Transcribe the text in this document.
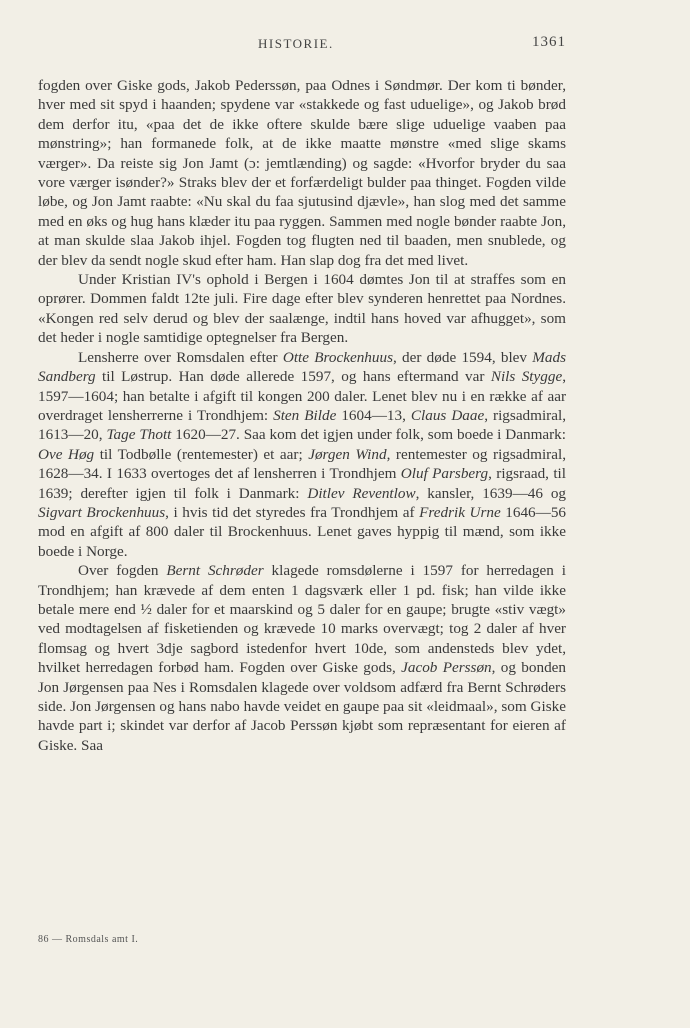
HISTORIE.	1361

fogden over Giske gods, Jakob Pederssøn, paa Odnes i Søndmør. Der kom ti bønder, hver med sit spyd i haanden; spydene var «stakkede og fast uduelige», og Jakob brød dem derfor itu, «paa det de ikke oftere skulde bære slige uduelige vaaben paa mønstring»; han formanede folk, at de ikke maatte mønstre «med slige skams værger». Da reiste sig Jon Jamt (ɔ: jemtlænding) og sagde: «Hvorfor bryder du saa vore værger isønder?» Straks blev der et forfærdeligt bulder paa thinget. Fogden vilde løbe, og Jon Jamt raabte: «Nu skal du faa sjutusind djævle», han slog med det samme med en øks og hug hans klæder itu paa ryggen. Sammen med nogle bønder raabte Jon, at man skulde slaa Jakob ihjel. Fogden tog flugten ned til baaden, men snublede, og der blev da sendt nogle skud efter ham. Han slap dog fra det med livet.

Under Kristian IV's ophold i Bergen i 1604 dømtes Jon til at straffes som en oprører. Dommen faldt 12te juli. Fire dage efter blev synderen henrettet paa Nordnes. «Kongen red selv derud og blev der saalænge, indtil hans hoved var afhugget», som det heder i nogle samtidige optegnelser fra Bergen.

Lensherre over Romsdalen efter Otte Brockenhuus, der døde 1594, blev Mads Sandberg til Løstrup. Han døde allerede 1597, og hans eftermand var Nils Stygge, 1597—1604; han betalte i afgift til kongen 200 daler. Lenet blev nu i en række af aar overdraget lensherrerne i Trondhjem: Sten Bilde 1604—13, Claus Daae, rigsadmiral, 1613—20, Tage Thott 1620—27. Saa kom det igjen under folk, som boede i Danmark: Ove Høg til Todbølle (rentemester) et aar; Jørgen Wind, rentemester og rigsadmiral, 1628—34. I 1633 overtoges det af lensherren i Trondhjem Oluf Parsberg, rigsraad, til 1639; derefter igjen til folk i Danmark: Ditlev Reventlow, kansler, 1639—46 og Sigvart Brockenhuus, i hvis tid det styredes fra Trondhjem af Fredrik Urne 1646—56 mod en afgift af 800 daler til Brockenhuus. Lenet gaves hyppig til mænd, som ikke boede i Norge.

Over fogden Bernt Schrøder klagede romsdølerne i 1597 for herredagen i Trondhjem; han krævede af dem enten 1 dagsværk eller 1 pd. fisk; han vilde ikke betale mere end ½ daler for et maarskind og 5 daler for en gaupe; brugte «stiv vægt» ved modtagelsen af fisketienden og krævede 10 marks overvægt; tog 2 daler af hver flomsag og hvert 3dje sagbord istedenfor hvert 10de, som andensteds blev ydet, hvilket herredagen forbød ham. Fogden over Giske gods, Jacob Perssøn, og bonden Jon Jørgensen paa Nes i Romsdalen klagede over voldsom adfærd fra Bernt Schrøders side. Jon Jørgensen og hans nabo havde veidet en gaupe paa sit «leidmaal», som Giske havde part i; skindet var derfor af Jacob Perssøn kjøbt som repræsentant for eieren af Giske. Saa

86 — Romsdals amt I.
